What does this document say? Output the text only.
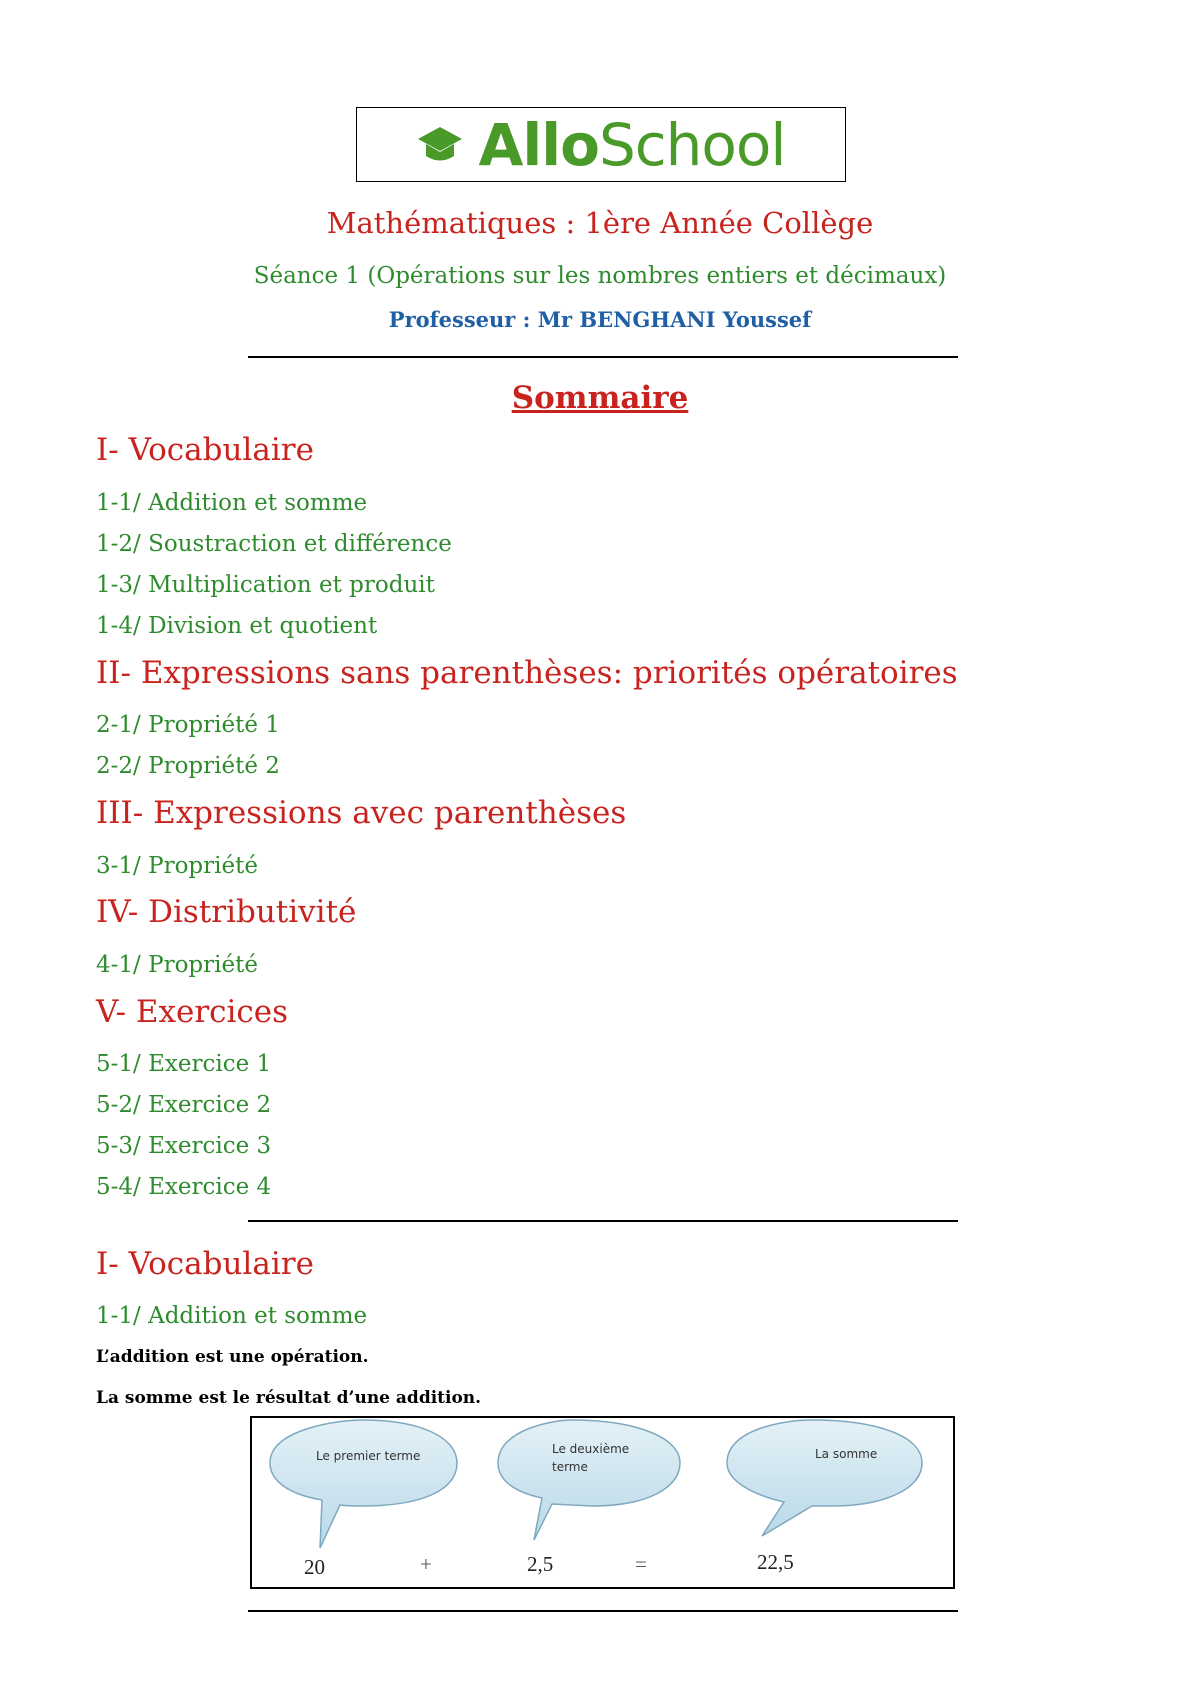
AlloSchool
Mathématiques : 1ère Année Collège
Séance 1 (Opérations sur les nombres entiers et décimaux)
Professeur : Mr BENGHANI Youssef
Sommaire
I- Vocabulaire
1-1/ Addition et somme
1-2/ Soustraction et différence
1-3/ Multiplication et produit
1-4/ Division et quotient
II- Expressions sans parenthèses: priorités opératoires
2-1/ Propriété 1
2-2/ Propriété 2
III- Expressions avec parenthèses
3-1/ Propriété
IV- Distributivité
4-1/ Propriété
V- Exercices
5-1/ Exercice 1
5-2/ Exercice 2
5-3/ Exercice 3
5-4/ Exercice 4
I- Vocabulaire
1-1/ Addition et somme
L’addition est une opération.
La somme est le résultat d’une addition.
Le premier terme	Le deuxième terme
La somme
20	+	2,5	=	22,5
